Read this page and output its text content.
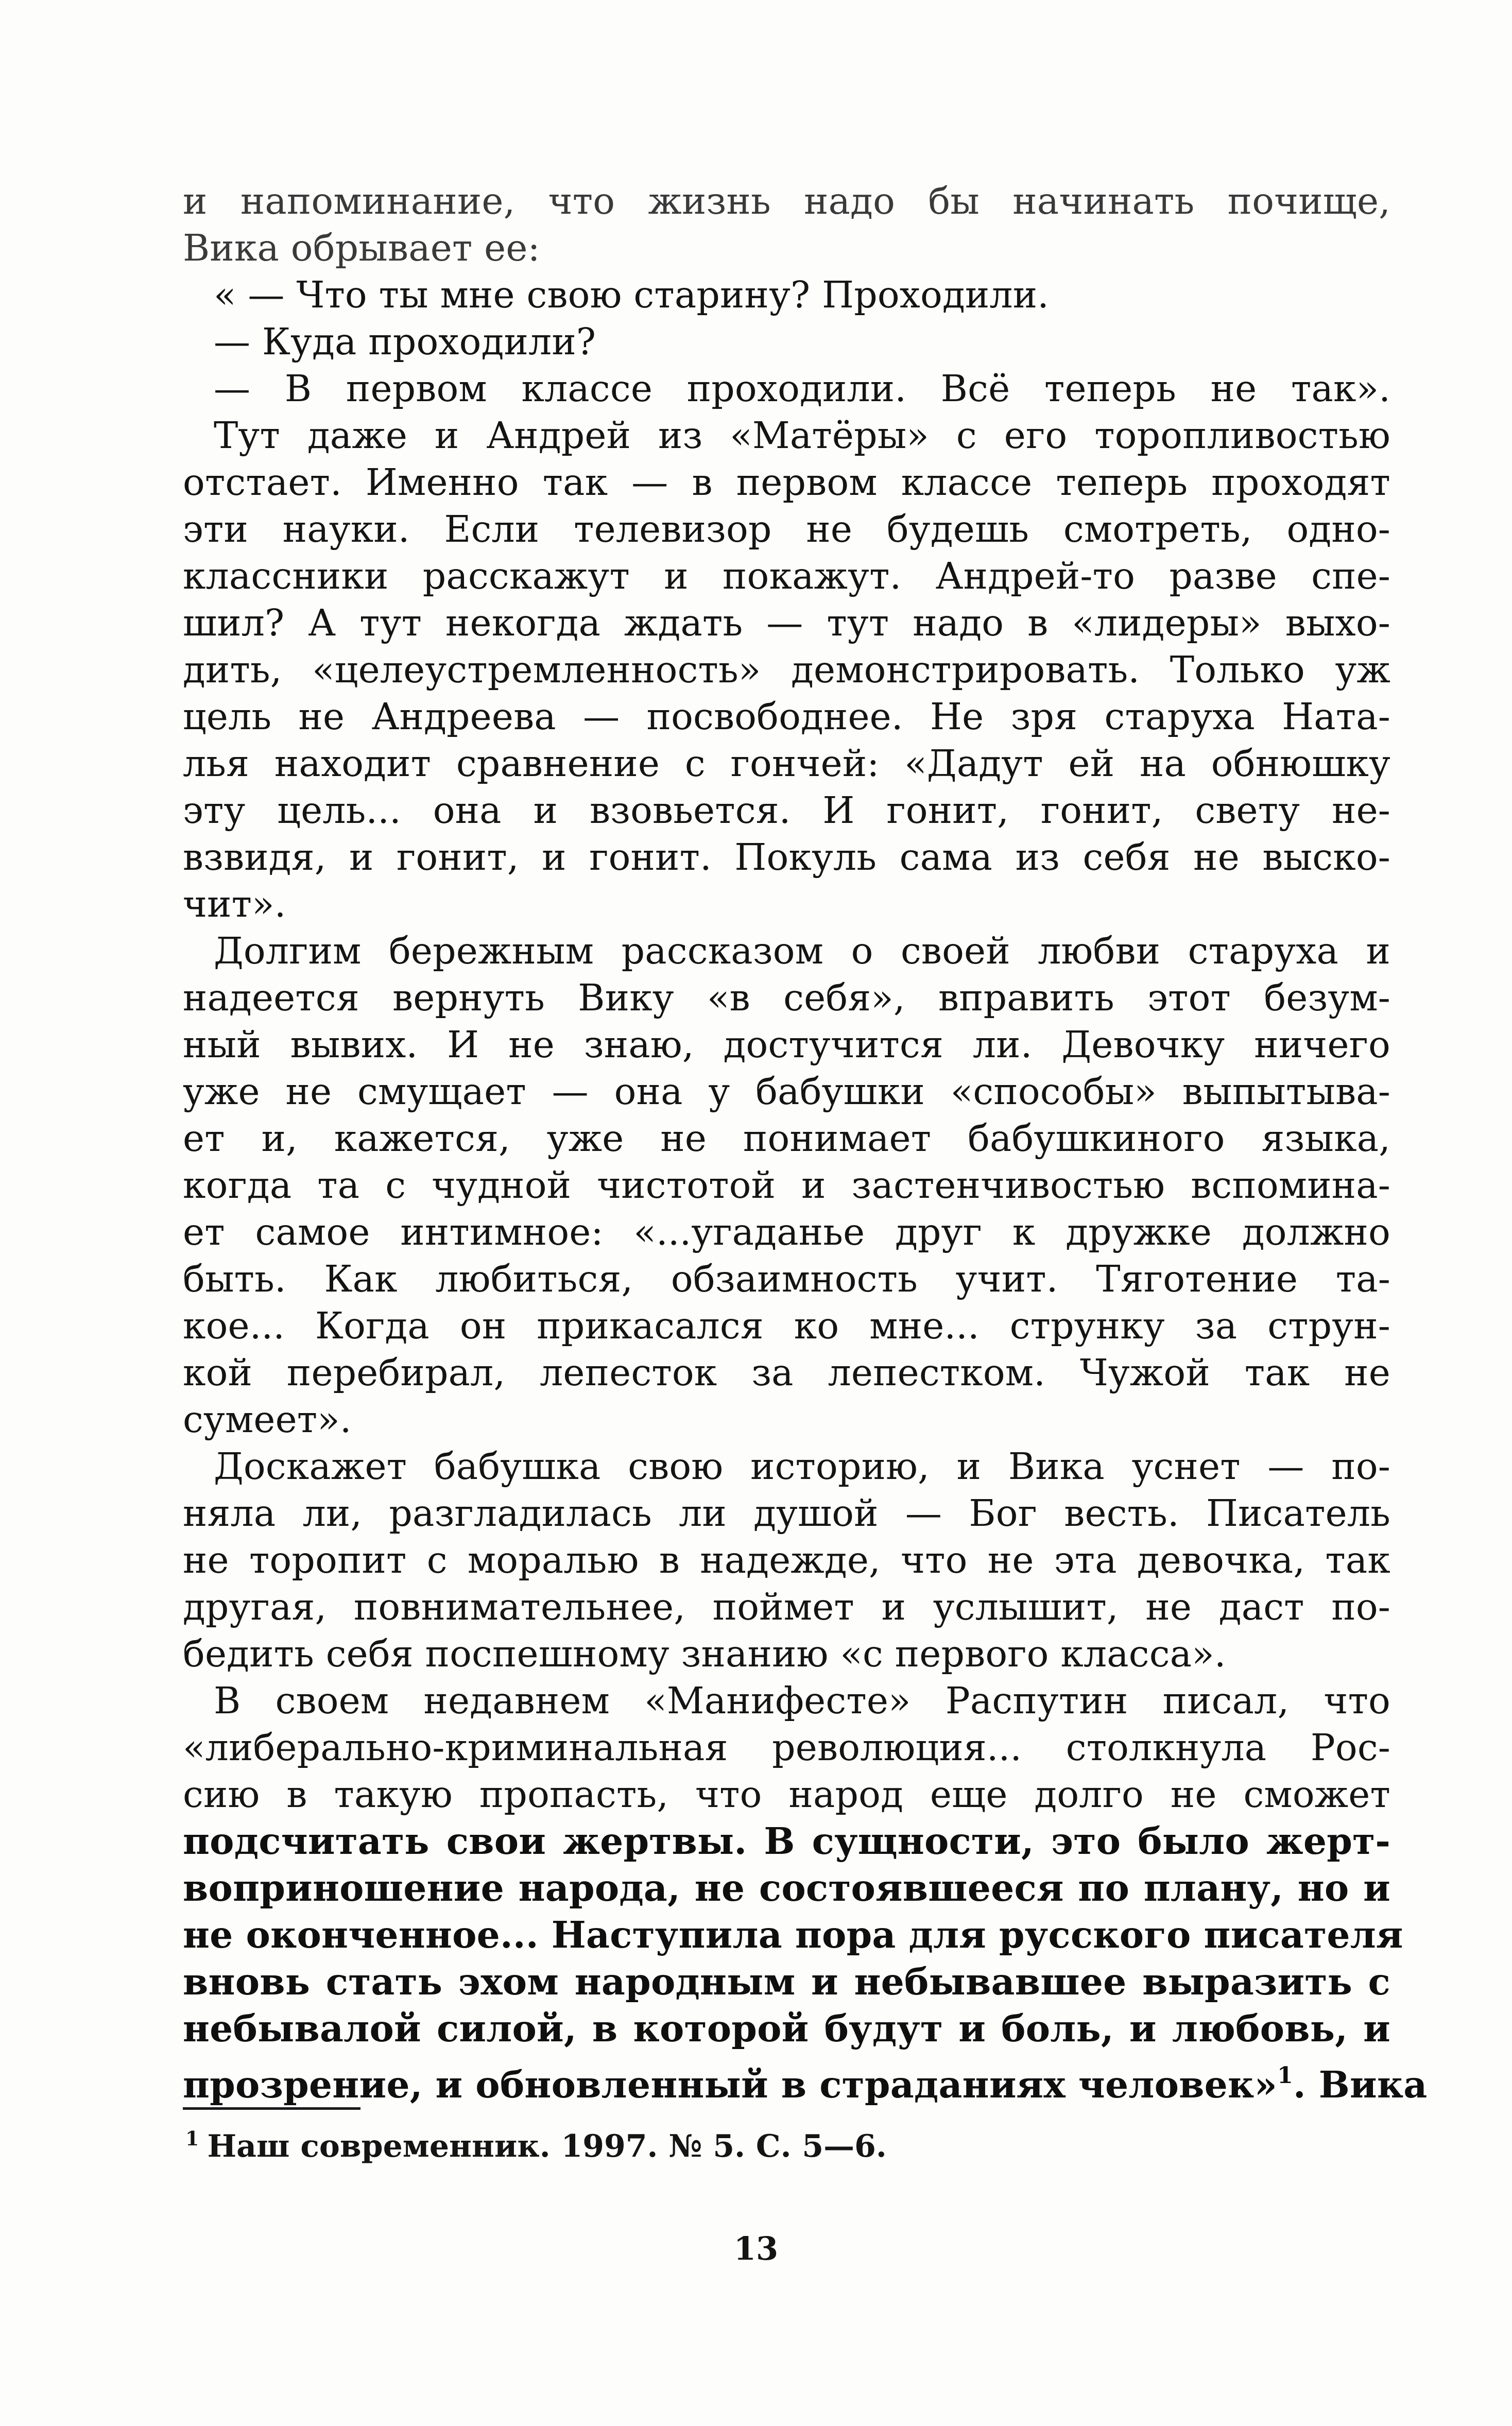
и напоминание, что жизнь надо бы начинать почище,
Вика обрывает ее:
« — Что ты мне свою старину? Проходили.
— Куда проходили?
— В первом классе проходили. Всё теперь не так».
Тут даже и Андрей из «Матёры» с его торопливостью
отстает. Именно так — в первом классе теперь проходят
эти науки. Если телевизор не будешь смотреть, одно-
классники расскажут и покажут. Андрей-то разве спе-
шил? А тут некогда ждать — тут надо в «лидеры» выхо-
дить, «целеустремленность» демонстрировать. Только уж
цель не Андреева — посвободнее. Не зря старуха Ната-
лья находит сравнение с гончей: «Дадут ей на обнюшку
эту цель... она и взовьется. И гонит, гонит, свету не-
взвидя, и гонит, и гонит. Покуль сама из себя не выско-
чит».
Долгим бережным рассказом о своей любви старуха и
надеется вернуть Вику «в себя», вправить этот безум-
ный вывих. И не знаю, достучится ли. Девочку ничего
уже не смущает — она у бабушки «способы» выпытыва-
ет и, кажется, уже не понимает бабушкиного языка,
когда та с чудной чистотой и застенчивостью вспомина-
ет самое интимное: «...угаданье друг к дружке должно
быть. Как любиться, обзаимность учит. Тяготение та-
кое... Когда он прикасался ко мне... струнку за струн-
кой перебирал, лепесток за лепестком. Чужой так не
сумеет».
Доскажет бабушка свою историю, и Вика уснет — по-
няла ли, разгладилась ли душой — Бог весть. Писатель
не торопит с моралью в надежде, что не эта девочка, так
другая, повнимательнее, поймет и услышит, не даст по-
бедить себя поспешному знанию «с первого класса».
В своем недавнем «Манифесте» Распутин писал, что
«либерально-криминальная революция... столкнула Рос-
сию в такую пропасть, что народ еще долго не сможет
подсчитать свои жертвы. В сущности, это было жерт-
воприношение народа, не состоявшееся по плану, но и
не оконченное... Наступила пора для русского писателя
вновь стать эхом народным и небывавшее выразить с
небывалой силой, в которой будут и боль, и любовь, и
прозрение, и обновленный в страданиях человек»$^1$. Вика
$^1$ Наш современник. 1997. № 5. С. 5—6.
13
